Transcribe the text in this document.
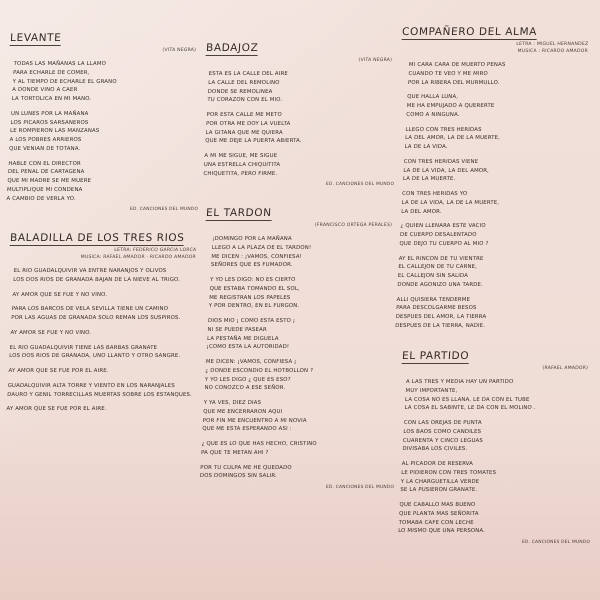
LEVANTE
(VITA NEGRA)
TODAS LAS MAÑANAS LA LLAMO
PARA ECHARLE DE COMER,
Y AL TIEMPO DE ECHARLE EL GRANO
A DONDE VINO A CAER
LA TORTOLICA EN MI MANO.
UN LUNES POR LA MAÑANA
LOS PICAROS SARSANEROS
LE ROMPIERON LAS MANZANAS
A LOS POBRES ARRIEROS
QUE VENIAN DE TOTANA.
HABLE CON EL DIRECTOR
DEL PENAL DE CARTAGENA
QUE MI MADRE SE ME MUERE
MULTIPLIQUE MI CONDENA
A CAMBIO DE VERLA YO.
ED. CANCIONES DEL MUNDO
BALADILLA DE LOS TRES RIOS
LETRA: FEDERICO GARCIA LORCA
MUSICA: RAFAEL AMADOR · RICARDO AMADOR
EL RIO GUADALQUIVIR VA ENTRE NARANJOS Y OLIVOS
LOS DOS RIOS DE GRANADA BAJAN DE LA NIEVE AL TRIGO.
AY AMOR QUE SE FUE Y NO VINO.
PARA LOS BARCOS DE VELA SEVILLA TIENE UN CAMINO
POR LAS AGUAS DE GRANADA SOLO REMAN LOS SUSPIROS.
AY AMOR SE FUE Y NO VINO.
EL RIO GUADALQUIVIR TIENE LAS BARBAS GRANATE
LOS DOS RIOS DE GRANADA, UNO LLANTO Y OTRO SANGRE.
AY AMOR QUE SE FUE POR EL AIRE.
GUADALQUIVIR ALTA TORRE Y VIENTO EN LOS NARANJALES
DAURO Y GENIL TORRECILLAS MUERTAS SOBRE LOS ESTANQUES.
AY AMOR QUE SE FUE POR EL AIRE.
BADAJOZ
(VITA NEGRA)
ESTA ES LA CALLE DEL AIRE
LA CALLE DEL REMOLINO
DONDE SE REMOLINEA
TU CORAZON CON EL MIO.
POR ESTA CALLE ME METO
POR OTRA ME DOY LA VUELTA
LA GITANA QUE ME QUIERA
QUE ME DEJE LA PUERTA ABIERTA.
A MI ME SIGUE, ME SIGUE
UNA ESTRELLA CHIQUITITA
CHIQUETITA, PERO FIRME.
ED. CANCIONES DEL MUNDO
EL TARDON
(FRANCISCO ORTEGA PERALES)
¡DOMINGO POR LA MAÑANA
LLEGO A LA PLAZA DE EL TARDON!
ME DICEN : ¡VAMOS, CONFIESA!
SEÑORES QUE ES FUMADOR.
Y YO LES DIGO: NO ES CIERTO
QUE ESTABA TOMANDO EL SOL,
ME REGISTRAN LOS PAPELES
Y POR DENTRO, EN EL FURGON.
DIOS MIO ¡ COMO ESTA ESTO ¡
NI SE PUEDE PASEAR
LA PESTAÑA ME DIGUELA
¡COMO ESTA LA AUTORIDAD!
ME DICEN: ¡VAMOS, CONFIESA ¡
¿ DONDE ESCONDIO EL HOTBOLLON ?
Y YO LES DIGO ¿ QUE ES ESO?
NO CONOZCO A ESE SEÑOR.
Y YA VES, DIEZ DIAS
QUE ME ENCERRARON AQUI
POR FIN ME ENCUENTRO A MI NOVIA
QUE ME ESTA ESPERANDO ASI :
¿ QUE ES LO QUE HAS HECHO, CRISTINO
PA QUE TE METAN AHI ?
POR TU CULPA ME HE QUEDADO
DOS DOMINGOS SIN SALIR.
ED. CANCIONES DEL MUNDO
COMPAÑERO DEL ALMA
LETRA : MIGUEL HERNANDEZ
MUSICA : RICARDO AMADOR
MI CARA CARA DE MUERTO PENAS
CUANDO TE VEO Y ME MIRO
POR LA RIBERA DEL MURMULLO.
QUE HALLA LUNA,
ME HA EMPUJADO A QUERERTE
COMO A NINGUNA.
LLEGO CON TRES HERIDAS
LA DEL AMOR, LA DE LA MUERTE,
LA DE LA VIDA.
CON TRES HERIDAS VIENE
LA DE LA VIDA, LA DEL AMOR,
LA DE LA MUERTE.
CON TRES HERIDAS YO
LA DE LA VIDA, LA DE LA MUERTE,
LA DEL AMOR.
¿ QUIEN LLENARA ESTE VACIO
DE CUERPO DESALENTADO
QUE DEJO TU CUERPO AL MIO ?
AY EL RINCON DE TU VIENTRE
EL CALLEJON DE TU CARNE,
EL CALLEJON SIN SALIDA
DONDE AGONIZO UNA TARDE.
ALLI QUISIERA TENDERME
PARA DESCOLGARME BESOS
DESPUES DEL AMOR, LA TIERRA
DESPUES DE LA TIERRA, NADIE.
EL PARTIDO
(RAFAEL AMADOR)
A LAS TRES Y MEDIA HAY UN PARTIDO
MUY IMPORTANTE,
LA COSA NO ES LLANA, LE DA CON EL TUBE
LA COSA EL SABINTE, LE DA CON EL MOLINO .
CON LAS OREJAS DE PUNTA
LOS BAOS COMO CANDILES
CUARENTA Y CINCO LEGUAS
DIVISABA LOS CIVILES.
AL PICADOR DE RESERVA
LE PIDIERON CON TRES TOMATES
Y LA CHARGUETILLA VERDE
SE LA PUSIERON GRANATE.
QUE CABALLO MAS BUENO
QUE PLANTA MAS SEÑORITA
TOMABA CAFE CON LECHE
LO MISMO QUE UNA PERSONA.
ED. CANCIONES DEL MUNDO
